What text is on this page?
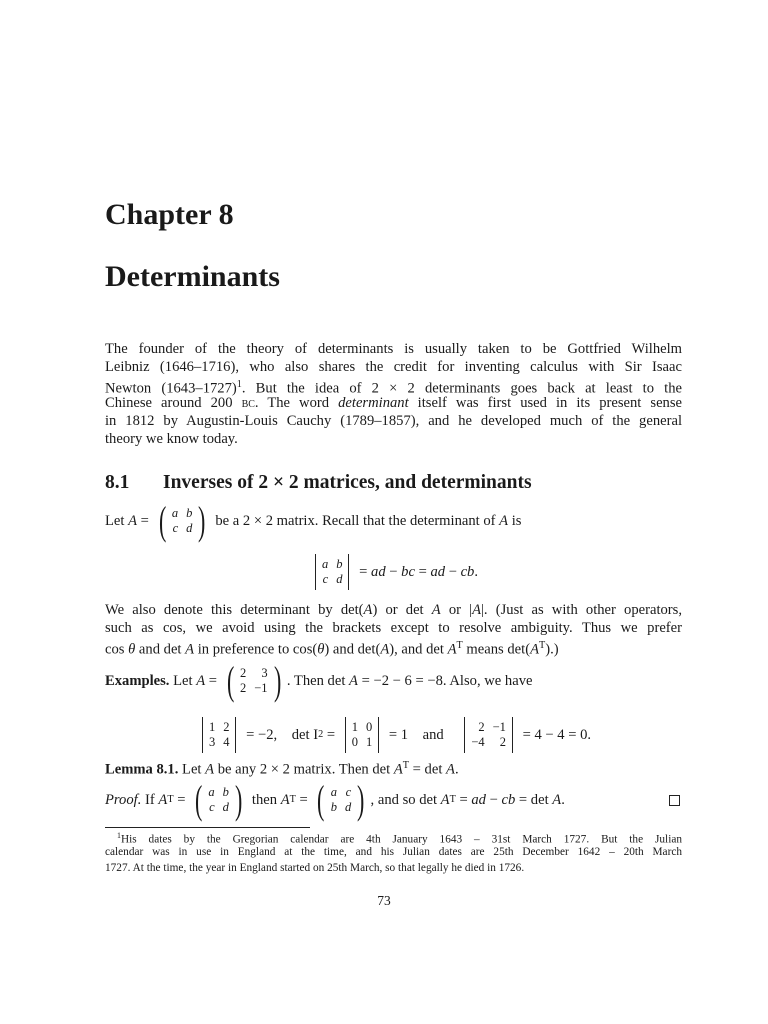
Chapter 8
Determinants
The founder of the theory of determinants is usually taken to be Gottfried Wilhelm
Leibniz (1646–1716), who also shares the credit for inventing calculus with Sir Isaac
Newton (1643–1727)$^1$. But the idea of 2 × 2 determinants goes back at least to the
Chinese around 200 bc. The word determinant itself was first used in its present sense
in 1812 by Augustin-Louis Cauchy (1789–1857), and he developed much of the general
theory we know today.
8.1 Inverses of 2 × 2 matrices, and determinants
Let A = ( a b
c d ) be a 2 × 2 matrix. Recall that the determinant of A is
a b
c d = ad − bc = ad − cb .
We also denote this determinant by det(A) or det A or |A|. (Just as with other operators,
such as cos, we avoid using the brackets except to resolve ambiguity. Thus we prefer
cos θ and det A in preference to cos(θ) and det(A), and $\det A^T$ means $\det(A^T)$.)
Examples. Let A = ( 2	3
2 −1 ) . Then det A = −2 − 6 = −8. Also, we have
1 2
3 4 = −2,    det I 2 = 1 0
0 1 = 1    and	2 −1
−4	2 = 4 − 4 = 0.
Lemma 8.1. Let A be any 2 × 2 matrix. Then $\det A^T = \det A$.
Proof. If A T = ( a b
c d ) then A T = ( a c
b d ) , and so det A T = ad − cb = det A .
$^1$His dates by the Gregorian calendar are 4th January 1643 – 31st March 1727. But the Julian
calendar was in use in England at the time, and his Julian dates are 25th December 1642 – 20th March
1727. At the time, the year in England started on 25th March, so that legally he died in 1726.
73
